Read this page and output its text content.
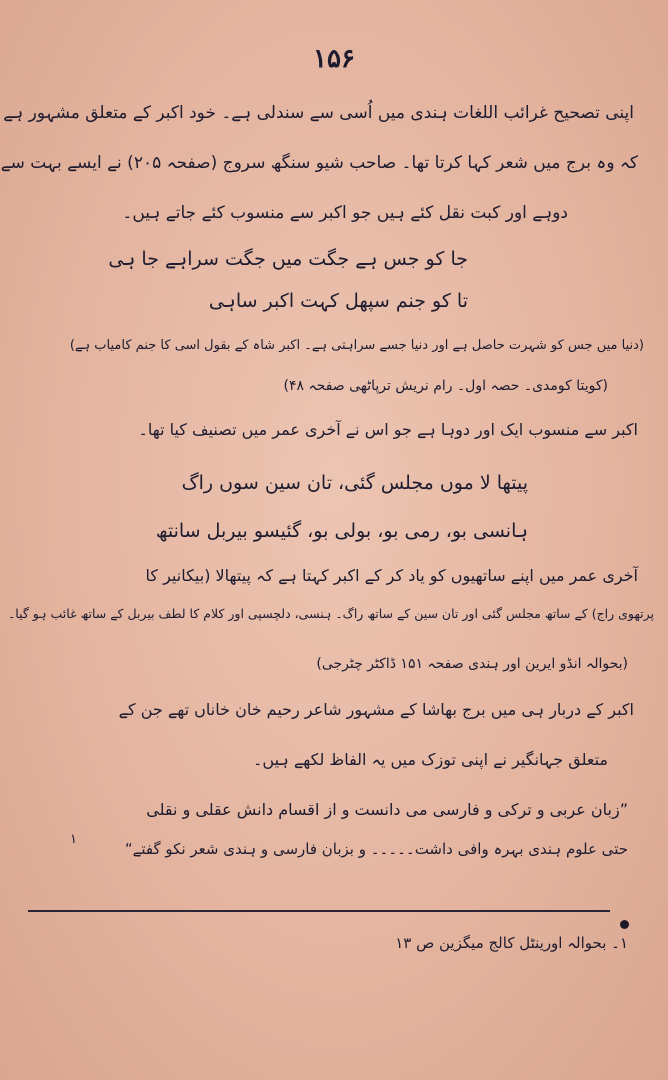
۱۵۶
اپنی تصحیح غرائب اللغات ہندی میں اُسی سے سندلی ہے۔ خود اکبر کے متعلق مشہور ہے
کہ وہ برج میں شعر کہا کرتا تھا۔ صاحب شیو سنگھ سروج (صفحہ ۲۰۵) نے ایسے بہت سے
دوہے اور کبت نقل کئے ہیں جو اکبر سے منسوب کئے جاتے ہیں۔
جا کو جس ہے جگت میں جگت سراہے جا ہی
تا کو جنم سپھل کہت اکبر ساہی
(دنیا میں جس کو شہرت حاصل ہے اور دنیا جسے سراہتی ہے۔ اکبر شاہ کے بقول اسی کا جنم کامیاب ہے)
(کویتا کومدی۔ حصہ اول۔ رام نریش ترپاٹھی صفحہ ۴۸)
اکبر سے منسوب ایک اور دوہا ہے جو اس نے آخری عمر میں تصنیف کیا تھا۔
پیتھا لا موں مجلس گئی، تان سین سوں راگ
ہانسی بو، رمی بو، بولی بو، گئیسو بیربل سانتھ
آخری عمر میں اپنے ساتھیوں کو یاد کر کے اکبر کہتا ہے کہ پیتھالا (بیکانیر کا
پرتھوی راج) کے ساتھ مجلس گئی اور تان سین کے ساتھ راگ۔ ہنسی، دلچسپی اور کلام کا لطف بیربل کے ساتھ غائب ہو گیا۔
(بحوالہ انڈو ایرین اور ہندی صفحہ ۱۵۱ ڈاکٹر چٹرجی)
اکبر کے دربار ہی میں برج بھاشا کے مشہور شاعر رحیم خان خاناں تھے جن کے
متعلق جہانگیر نے اپنی توزک میں یہ الفاظ لکھے ہیں۔
”زبان عربی و ترکی و فارسی می دانست و از اقسام دانش عقلی و نقلی
حتی علوم ہندی بہرہ وافی داشت۔۔۔۔۔ و بزبان فارسی و ہندی شعر نکو گفتے“
۱
۱۔ بحوالہ اورینٹل کالج میگزین ص ۱۳
